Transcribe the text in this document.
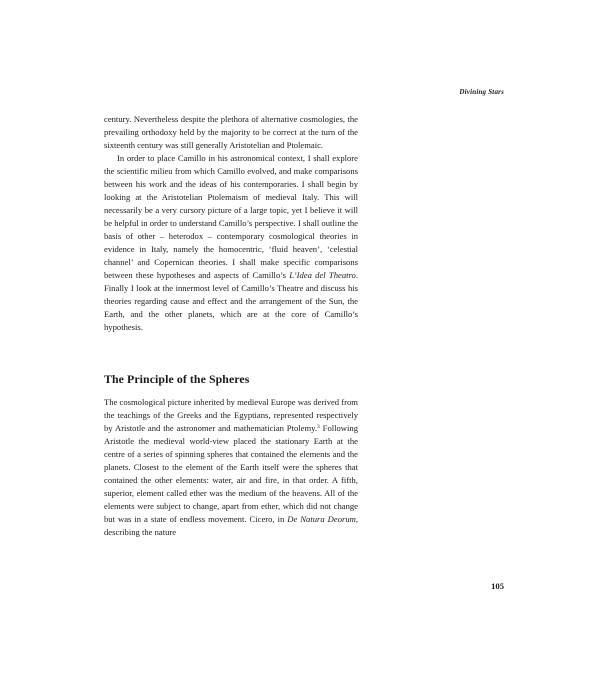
Divining Stars

century. Nevertheless despite the plethora of alternative cosmologies, the prevailing orthodoxy held by the majority to be correct at the turn of the sixteenth century was still generally Aristotelian and Ptolemaic.

In order to place Camillo in his astronomical context, I shall explore the scientific milieu from which Camillo evolved, and make comparisons between his work and the ideas of his contemporaries. I shall begin by looking at the Aristotelian Ptolemaism of medieval Italy. This will necessarily be a very cursory picture of a large topic, yet I believe it will be helpful in order to understand Camillo’s perspective. I shall outline the basis of other – heterodox – contemporary cosmological theories in evidence in Italy, namely the homocentric, ‘fluid heaven’, ‘celestial channel’ and Copernican theories. I shall make specific comparisons between these hypotheses and aspects of Camillo’s L’Idea del Theatro. Finally I look at the innermost level of Camillo’s Theatre and discuss his theories regarding cause and effect and the arrangement of the Sun, the Earth, and the other planets, which are at the core of Camillo’s hypothesis.

The Principle of the Spheres

The cosmological picture inherited by medieval Europe was derived from the teachings of the Greeks and the Egyptians, represented respectively by Aristotle and the astronomer and mathematician Ptolemy.$^3$ Following Aristotle the medieval world-view placed the stationary Earth at the centre of a series of spinning spheres that contained the elements and the planets. Closest to the element of the Earth itself were the spheres that contained the other elements: water, air and fire, in that order. A fifth, superior, element called ether was the medium of the heavens. All of the elements were subject to change, apart from ether, which did not change but was in a state of endless movement. Cicero, in De Natura Deorum, describing the nature

105
